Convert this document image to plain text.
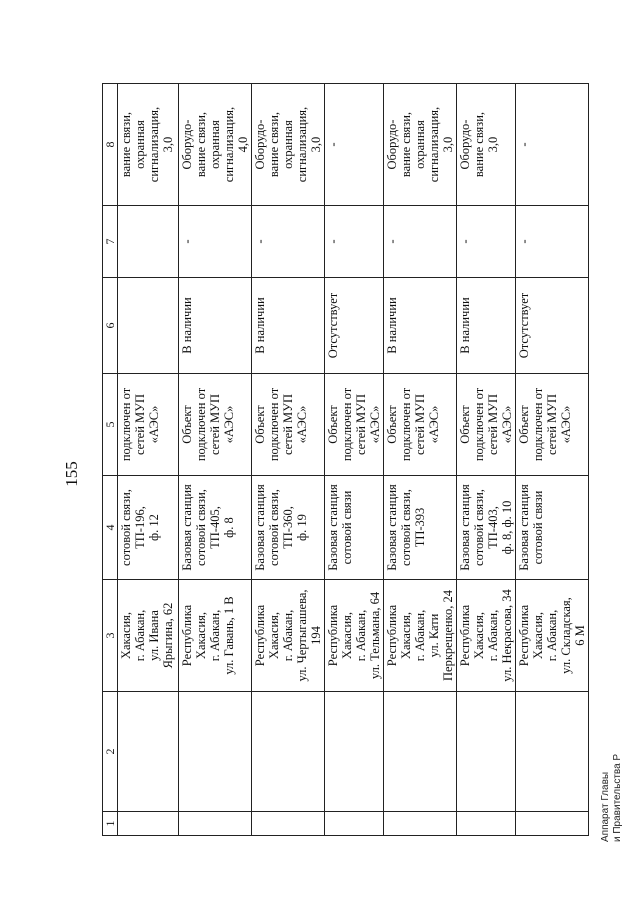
155
1	2	3	4	5	6	7	8
		Хакасия,
г. Абакан,
ул. Ивана
Ярыгина, 62	сотовой связи,
ТП-196,
ф. 12	подключен от
сетей МУП
«АЭС»			вание связи,
охранная
сигнализация,
3,0
		Республика
Хакасия,
г. Абакан,
ул. Гавань, 1 В	Базовая станция
сотовой связи,
ТП-405,
ф. 8	Объект
подключен от
сетей МУП
«АЭС»	В наличии	-	Оборудо-
вание связи,
охранная
сигнализация,
4,0
		Республика
Хакасия,
г. Абакан,
ул. Чертыгашева,
194	Базовая станция
сотовой связи,
ТП-360,
ф. 19	Объект
подключен от
сетей МУП
«АЭС»	В наличии	-	Оборудо-
вание связи,
охранная
сигнализация,
3,0
		Республика
Хакасия,
г. Абакан,
ул. Тельмана, 64	Базовая станция
сотовой связи	Объект
подключен от
сетей МУП
«АЭС»	Отсутствует	-	-
		Республика
Хакасия,
г. Абакан,
ул. Кати
Перкрещенко, 24	Базовая станция
сотовой связи,
ТП-393	Объект
подключен от
сетей МУП
«АЭС»	В наличии	-	Оборудо-
вание связи,
охранная
сигнализация,
3,0
		Республика
Хакасия,
г. Абакан,
ул. Некрасова, 34	Базовая станция
сотовой связи,
ТП-403,
ф. 8, ф. 10	Объект
подключен от
сетей МУП
«АЭС»	В наличии	-	Оборудо-
вание связи,
3,0
		Республика
Хакасия,
г. Абакан,
ул. Складская,
6 М	Базовая станция
сотовой связи	Объект
подключен от
сетей МУП
«АЭС»	Отсутствует	-	-
Аппарат Главы и Правительства Р
